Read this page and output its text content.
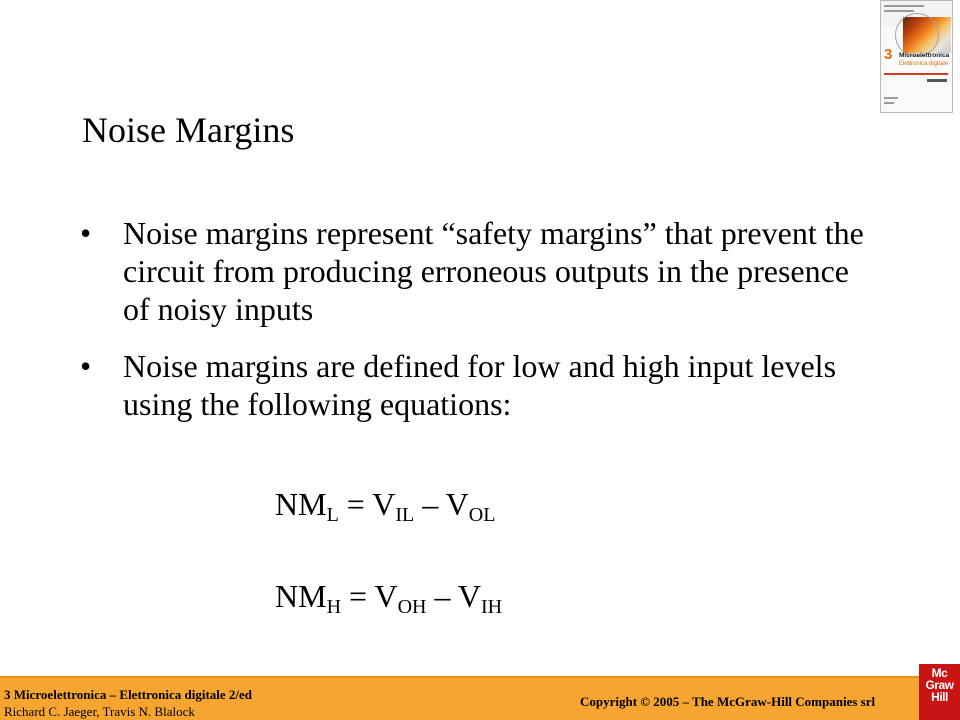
3 Microelettronica
Elettronica digitale
Noise Margins
• Noise margins represent “safety margins” that prevent the circuit from producing erroneous outputs in the presence of noisy inputs
• Noise margins are defined for low and high input levels using the following equations:
$NM_L = V_{IL} - V_{OL}$
$NM_H = V_{OH} - V_{IH}$
3 Microelettronica – Elettronica digitale 2/ed
Richard C. Jaeger, Travis N. Blalock
Copyright © 2005 – The McGraw-Hill Companies srl
Mc
Graw
Hill
